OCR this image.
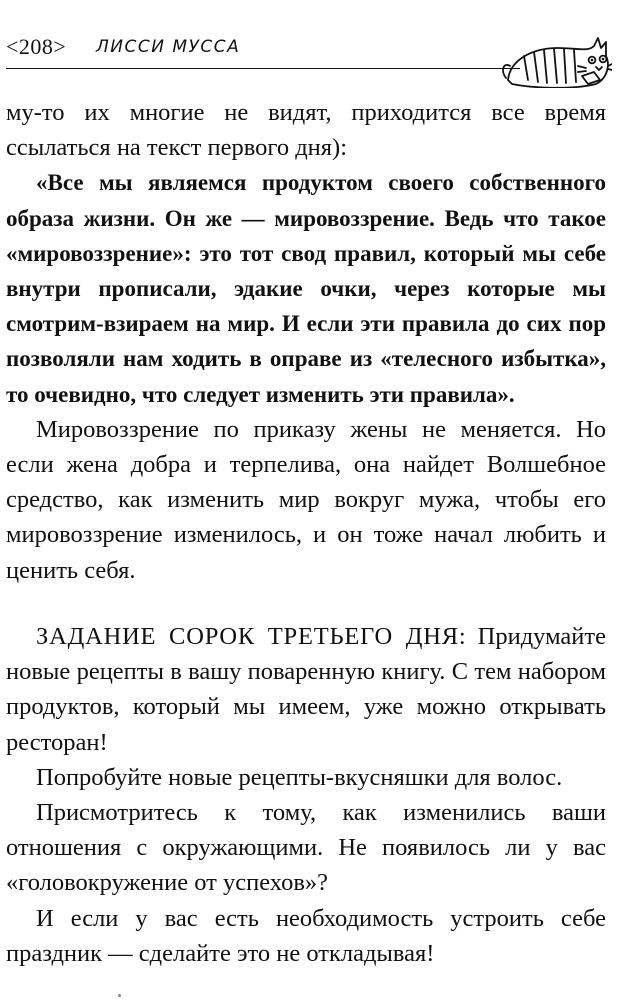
<208> ЛИССИ МУССА

му-то их многие не видят, приходится все время ссылаться на текст первого дня):

«Все мы являемся продуктом своего собственного образа жизни. Он же — мировоззрение. Ведь что такое «мировоззрение»: это тот свод правил, который мы себе внутри прописали, эдакие очки, через которые мы смотрим-взираем на мир. И если эти правила до сих пор позволяли нам ходить в оправе из «телесного избытка», то очевидно, что следует изменить эти правила».

Мировоззрение по приказу жены не меняется. Но если жена добра и терпелива, она найдет Волшебное средство, как изменить мир вокруг мужа, чтобы его мировоззрение изменилось, и он тоже начал любить и ценить себя.

ЗАДАНИЕ СОРОК ТРЕТЬЕГО ДНЯ: Придумайте новые рецепты в вашу поваренную книгу. С тем набором продуктов, который мы имеем, уже можно открывать ресторан!

Попробуйте новые рецепты-вкусняшки для волос.

Присмотритесь к тому, как изменились ваши отношения с окружающими. Не появилось ли у вас «головокружение от успехов»?

И если у вас есть необходимость устроить себе праздник — сделайте это не откладывая!
